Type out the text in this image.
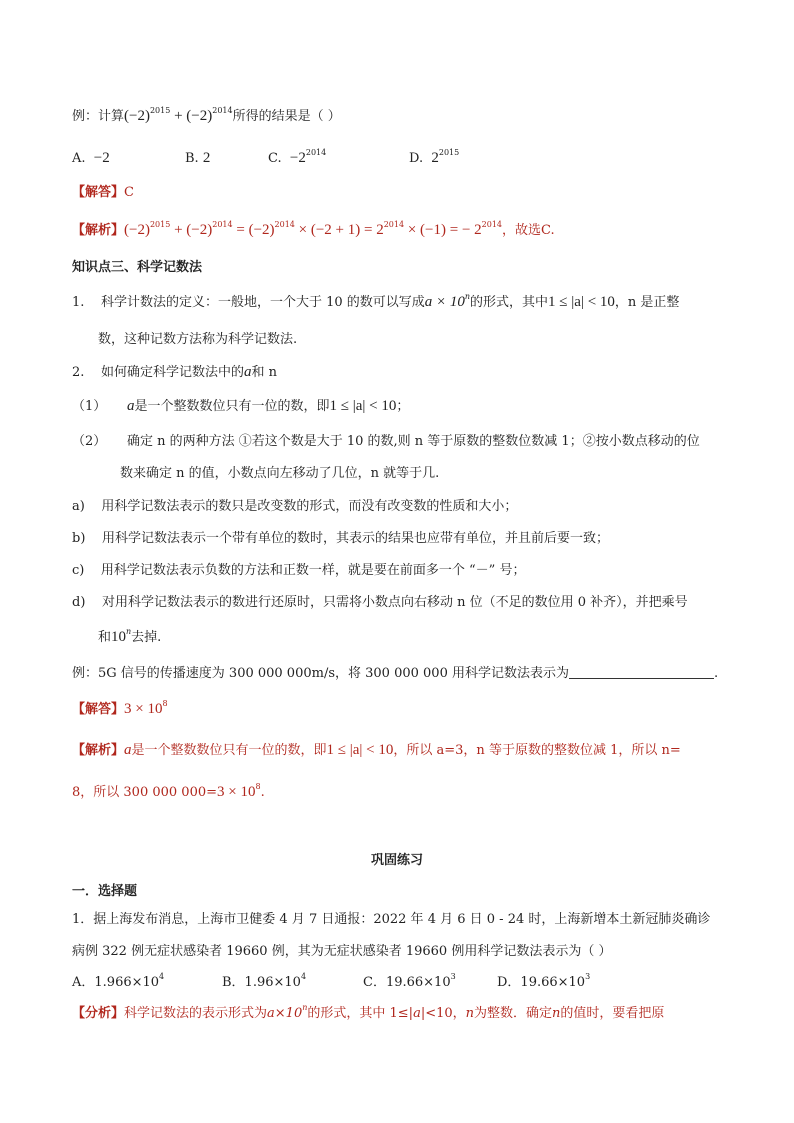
例：计算$(-2)^{2015} + (-2)^{2014}$所得的结果是（ ）
A. −2	B. 2	C. $-2^{2014}$	D. $2^{2015}$
【解答】C
【解析】$(-2)^{2015} + (-2)^{2014} = (-2)^{2014} \times (-2 + 1) = 2^{2014} \times (-1)$ = − $2^{2014}$，故选C.
知识点三、科学记数法
1. 科学计数法的定义：一般地，一个大于 10 的数可以写成$a \times 10^n$的形式，其中1 ≤ |a| < 10，n 是正整
数，这种记数方法称为科学记数法.
2. 如何确定科学记数法中的a和 n
（1） a是一个整数数位只有一位的数，即1 ≤ |a| < 10；
（2） 确定 n 的两种方法 ①若这个数是大于 10 的数,则 n 等于原数的整数位数减 1；②按小数点移动的位
数来确定 n 的值，小数点向左移动了几位，n 就等于几.
a) 用科学记数法表示的数只是改变数的形式，而没有改变数的性质和大小；
b) 用科学记数法表示一个带有单位的数时，其表示的结果也应带有单位，并且前后要一致；
c) 用科学记数法表示负数的方法和正数一样，就是要在前面多一个 “－” 号；
d) 对用科学记数法表示的数进行还原时，只需将小数点向右移动 n 位（不足的数位用 0 补齐），并把乘号
和10$^n$去掉.
例：5G 信号的传播速度为 300 000 000m/s，将 300 000 000 用科学记数法表示为	.
【解答】$3 \times 10^8$
【解析】a是一个整数数位只有一位的数，即1 ≤ |a| < 10，所以 a=3，n 等于原数的整数位减 1，所以 n=
8，所以 300 000 $000=3 \times 10^8$.
巩固练习
一．选择题
1．据上海发布消息，上海市卫健委 4 月 7 日通报：2022 年 4 月 6 日 0 - 24 时，上海新增本土新冠肺炎确诊
病例 322 例无症状感染者 19660 例，其为无症状感染者 19660 例用科学记数法表示为（ ）
A．$1.966\times 10^4$	B．$1.96\times 10^4$	C．$19.66\times 10^3$	D．$19.66\times 10^3$
【分析】科学记数法的表示形式为$a\times 10^n$的形式，其中 1≤|a|<10，n为整数．确定n的值时，要看把原
